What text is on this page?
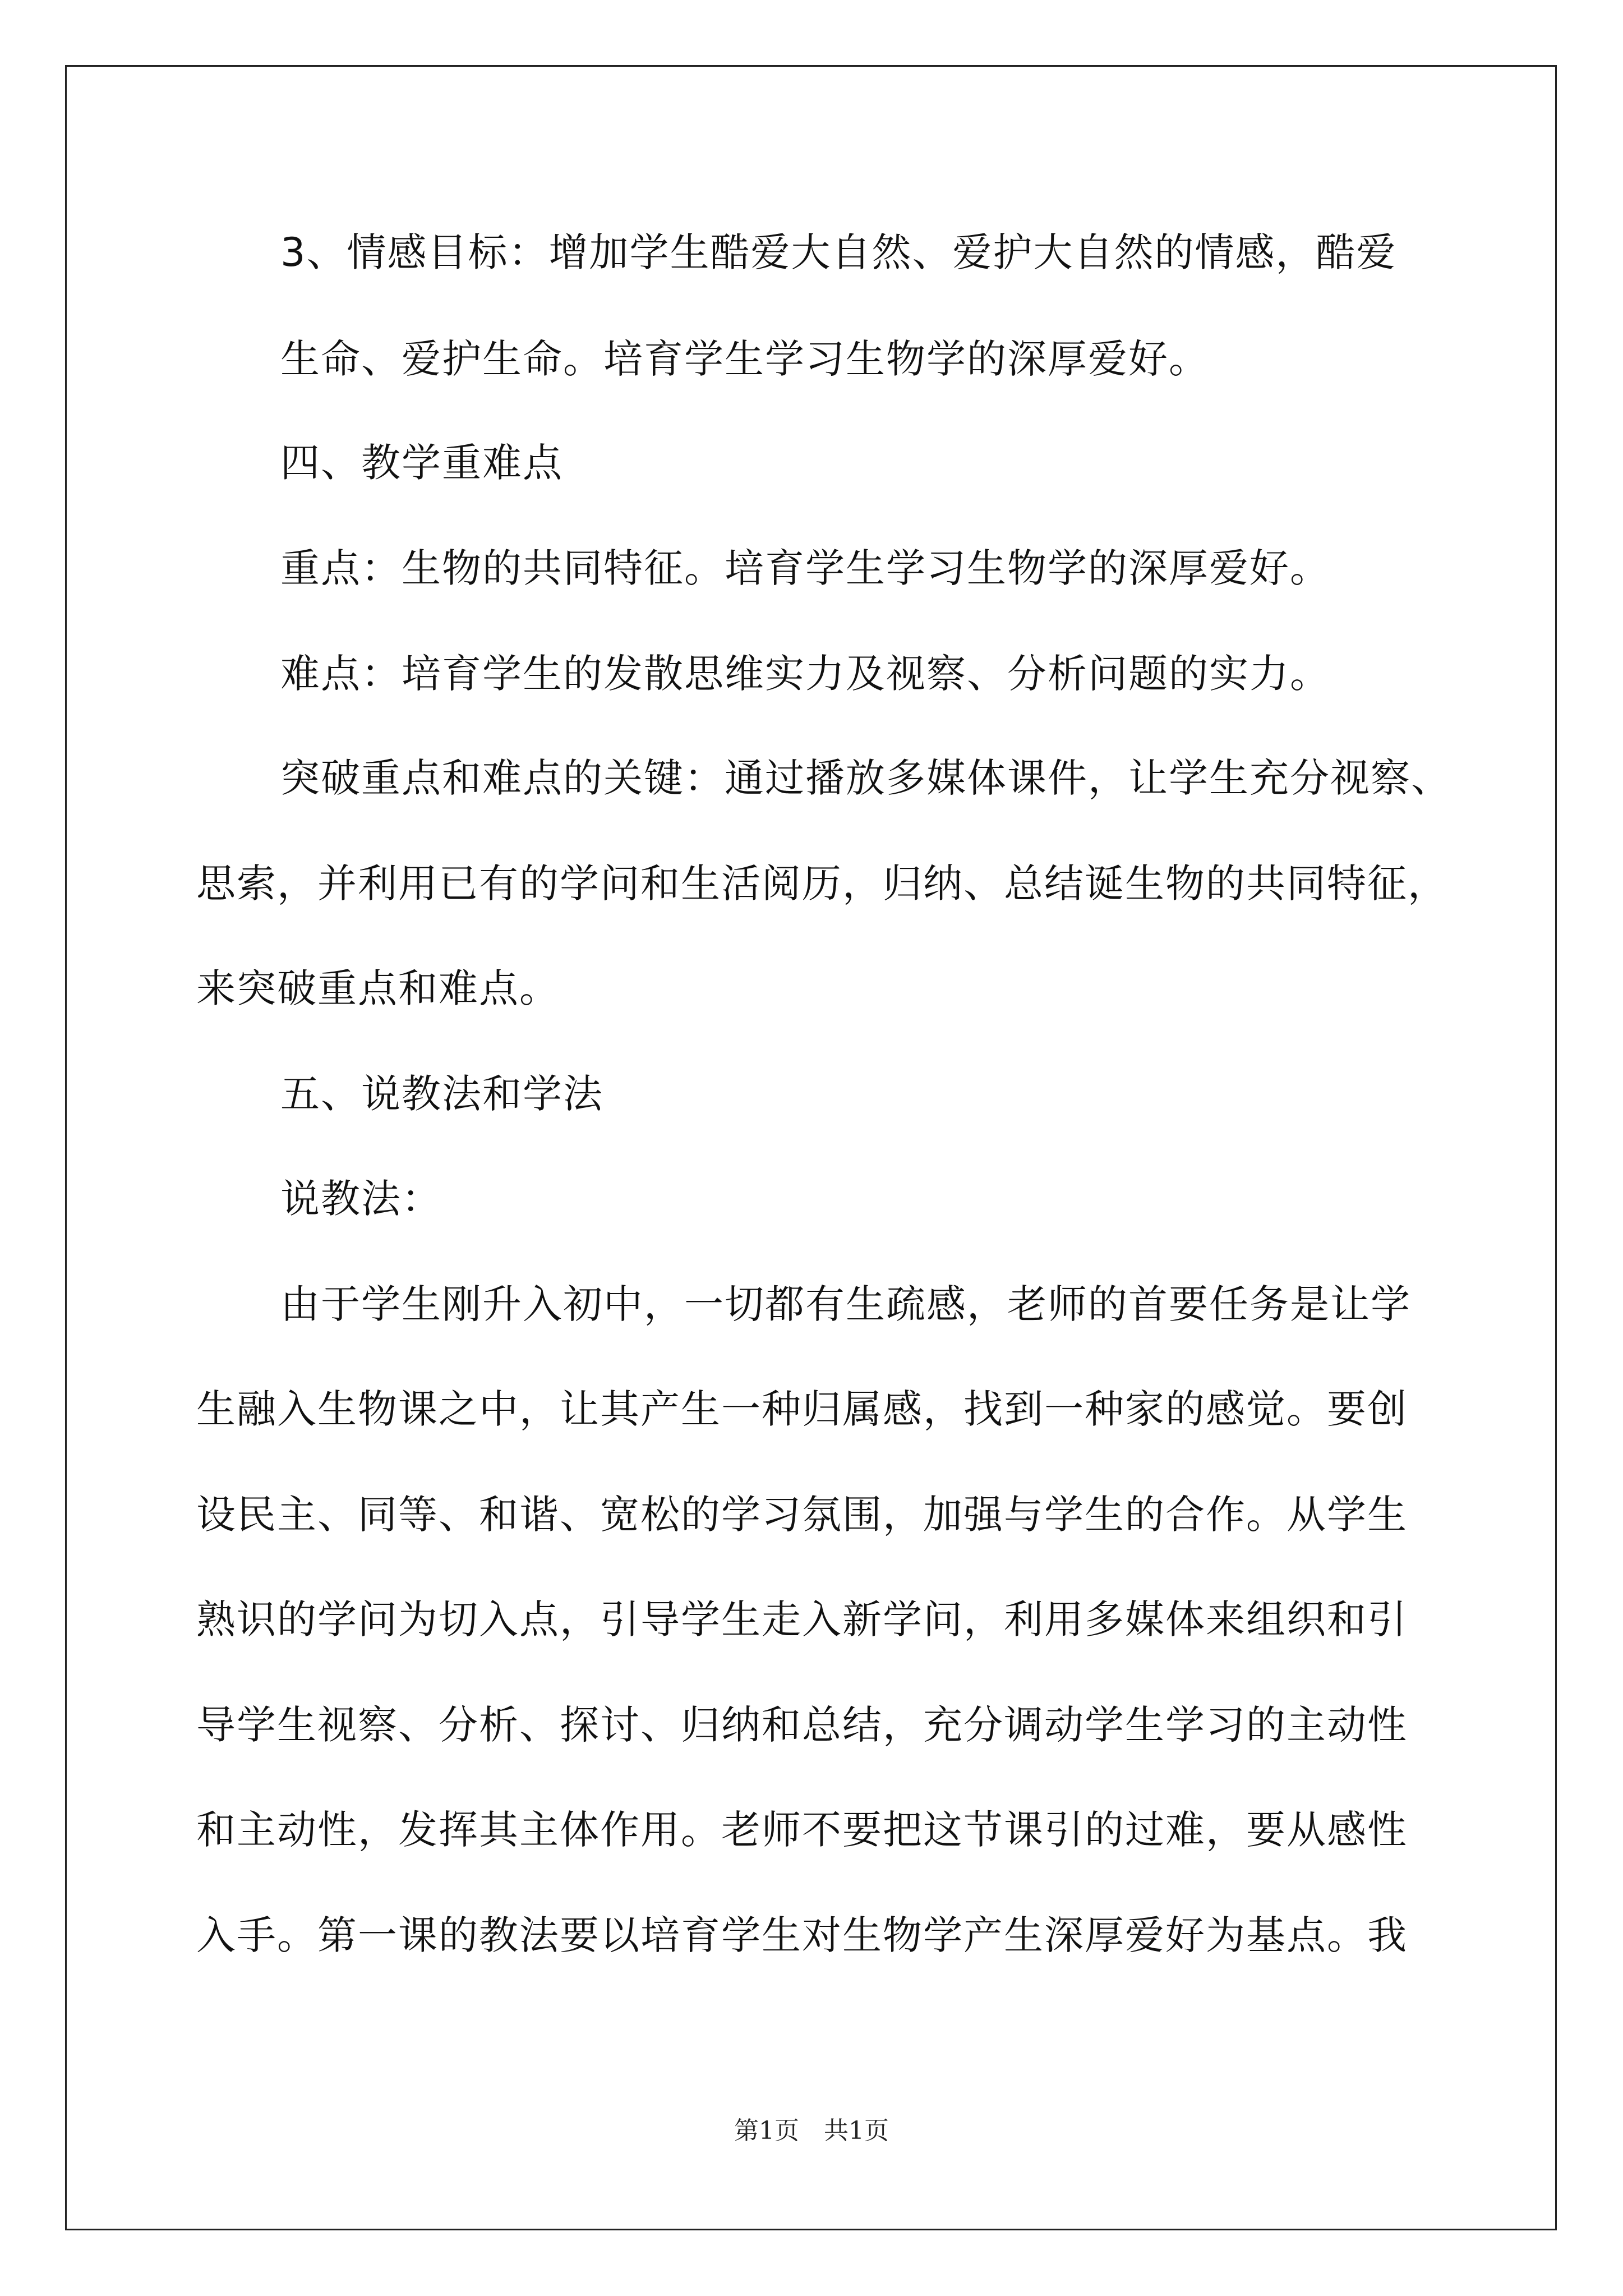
3、情感目标：增加学生酷爱大自然、爱护大自然的情感，酷爱
生命、爱护生命。培育学生学习生物学的深厚爱好。
四、教学重难点
重点：生物的共同特征。培育学生学习生物学的深厚爱好。
难点：培育学生的发散思维实力及视察、分析问题的实力。
突破重点和难点的关键：通过播放多媒体课件，让学生充分视察、
思索，并利用已有的学问和生活阅历，归纳、总结诞生物的共同特征，
来突破重点和难点。
五、说教法和学法
说教法：
由于学生刚升入初中，一切都有生疏感，老师的首要任务是让学
生融入生物课之中，让其产生一种归属感，找到一种家的感觉。要创
设民主、同等、和谐、宽松的学习氛围，加强与学生的合作。从学生
熟识的学问为切入点，引导学生走入新学问，利用多媒体来组织和引
导学生视察、分析、探讨、归纳和总结，充分调动学生学习的主动性
和主动性，发挥其主体作用。老师不要把这节课引的过难，要从感性
入手。第一课的教法要以培育学生对生物学产生深厚爱好为基点。我
第1页　共1页
